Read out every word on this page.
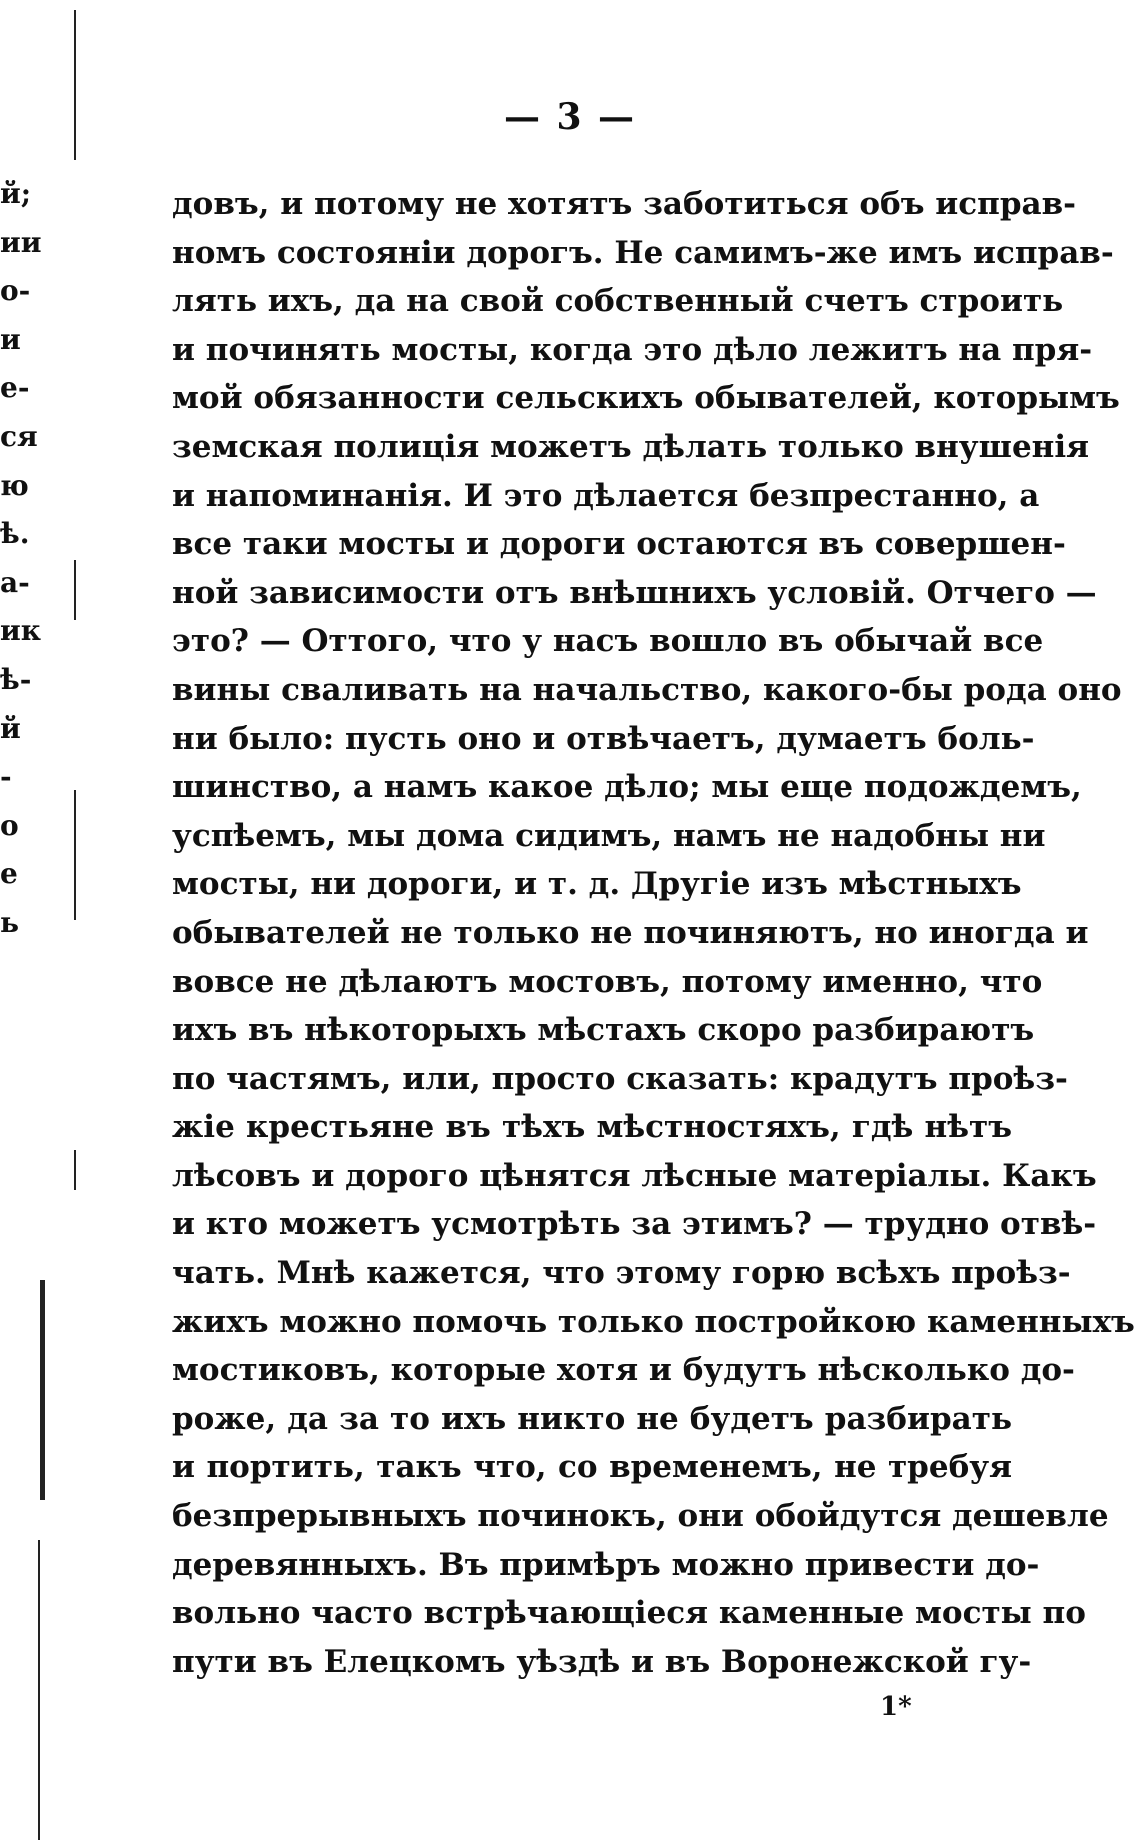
й;
ии
о-
и
е-
ся
ю
ѣ.
а-
ик
ѣ-
й
-
о
е
ь
— 3 —
довъ, и потому не хотятъ заботиться объ исправ-
номъ состояніи дорогъ. Не самимъ-же имъ исправ-
лять ихъ, да на свой собственный счетъ строить
и починять мосты, когда это дѣло лежитъ на пря-
мой обязанности сельскихъ обывателей, которымъ
земская полиція можетъ дѣлать только внушенія
и напоминанія. И это дѣлается безпрестанно, а
все таки мосты и дороги остаются въ совершен-
ной зависимости отъ внѣшнихъ условій. Отчего —
это? — Оттого, что у насъ вошло въ обычай все
вины сваливать на начальство, какого-бы рода оно
ни было: пусть оно и отвѣчаетъ, думаетъ боль-
шинство, а намъ какое дѣло; мы еще подождемъ,
успѣемъ, мы дома сидимъ, намъ не надобны ни
мосты, ни дороги, и т. д. Другіе изъ мѣстныхъ
обывателей не только не починяютъ, но иногда и
вовсе не дѣлаютъ мостовъ, потому именно, что
ихъ въ нѣкоторыхъ мѣстахъ скоро разбираютъ
по частямъ, или, просто сказать: крадутъ проѣз-
жіе крестьяне въ тѣхъ мѣстностяхъ, гдѣ нѣтъ
лѣсовъ и дорого цѣнятся лѣсные матеріалы. Какъ
и кто можетъ усмотрѣть за этимъ? — трудно отвѣ-
чать. Мнѣ кажется, что этому горю всѣхъ проѣз-
жихъ можно помочь только постройкою каменныхъ
мостиковъ, которые хотя и будутъ нѣсколько до-
роже, да за то ихъ никто не будетъ разбирать
и портить, такъ что, со временемъ, не требуя
безпрерывныхъ починокъ, они обойдутся дешевле
деревянныхъ. Въ примѣръ можно привести до-
вольно часто встрѣчающіеся каменные мосты по
пути въ Елецкомъ уѣздѣ и въ Воронежской гу-
1*
